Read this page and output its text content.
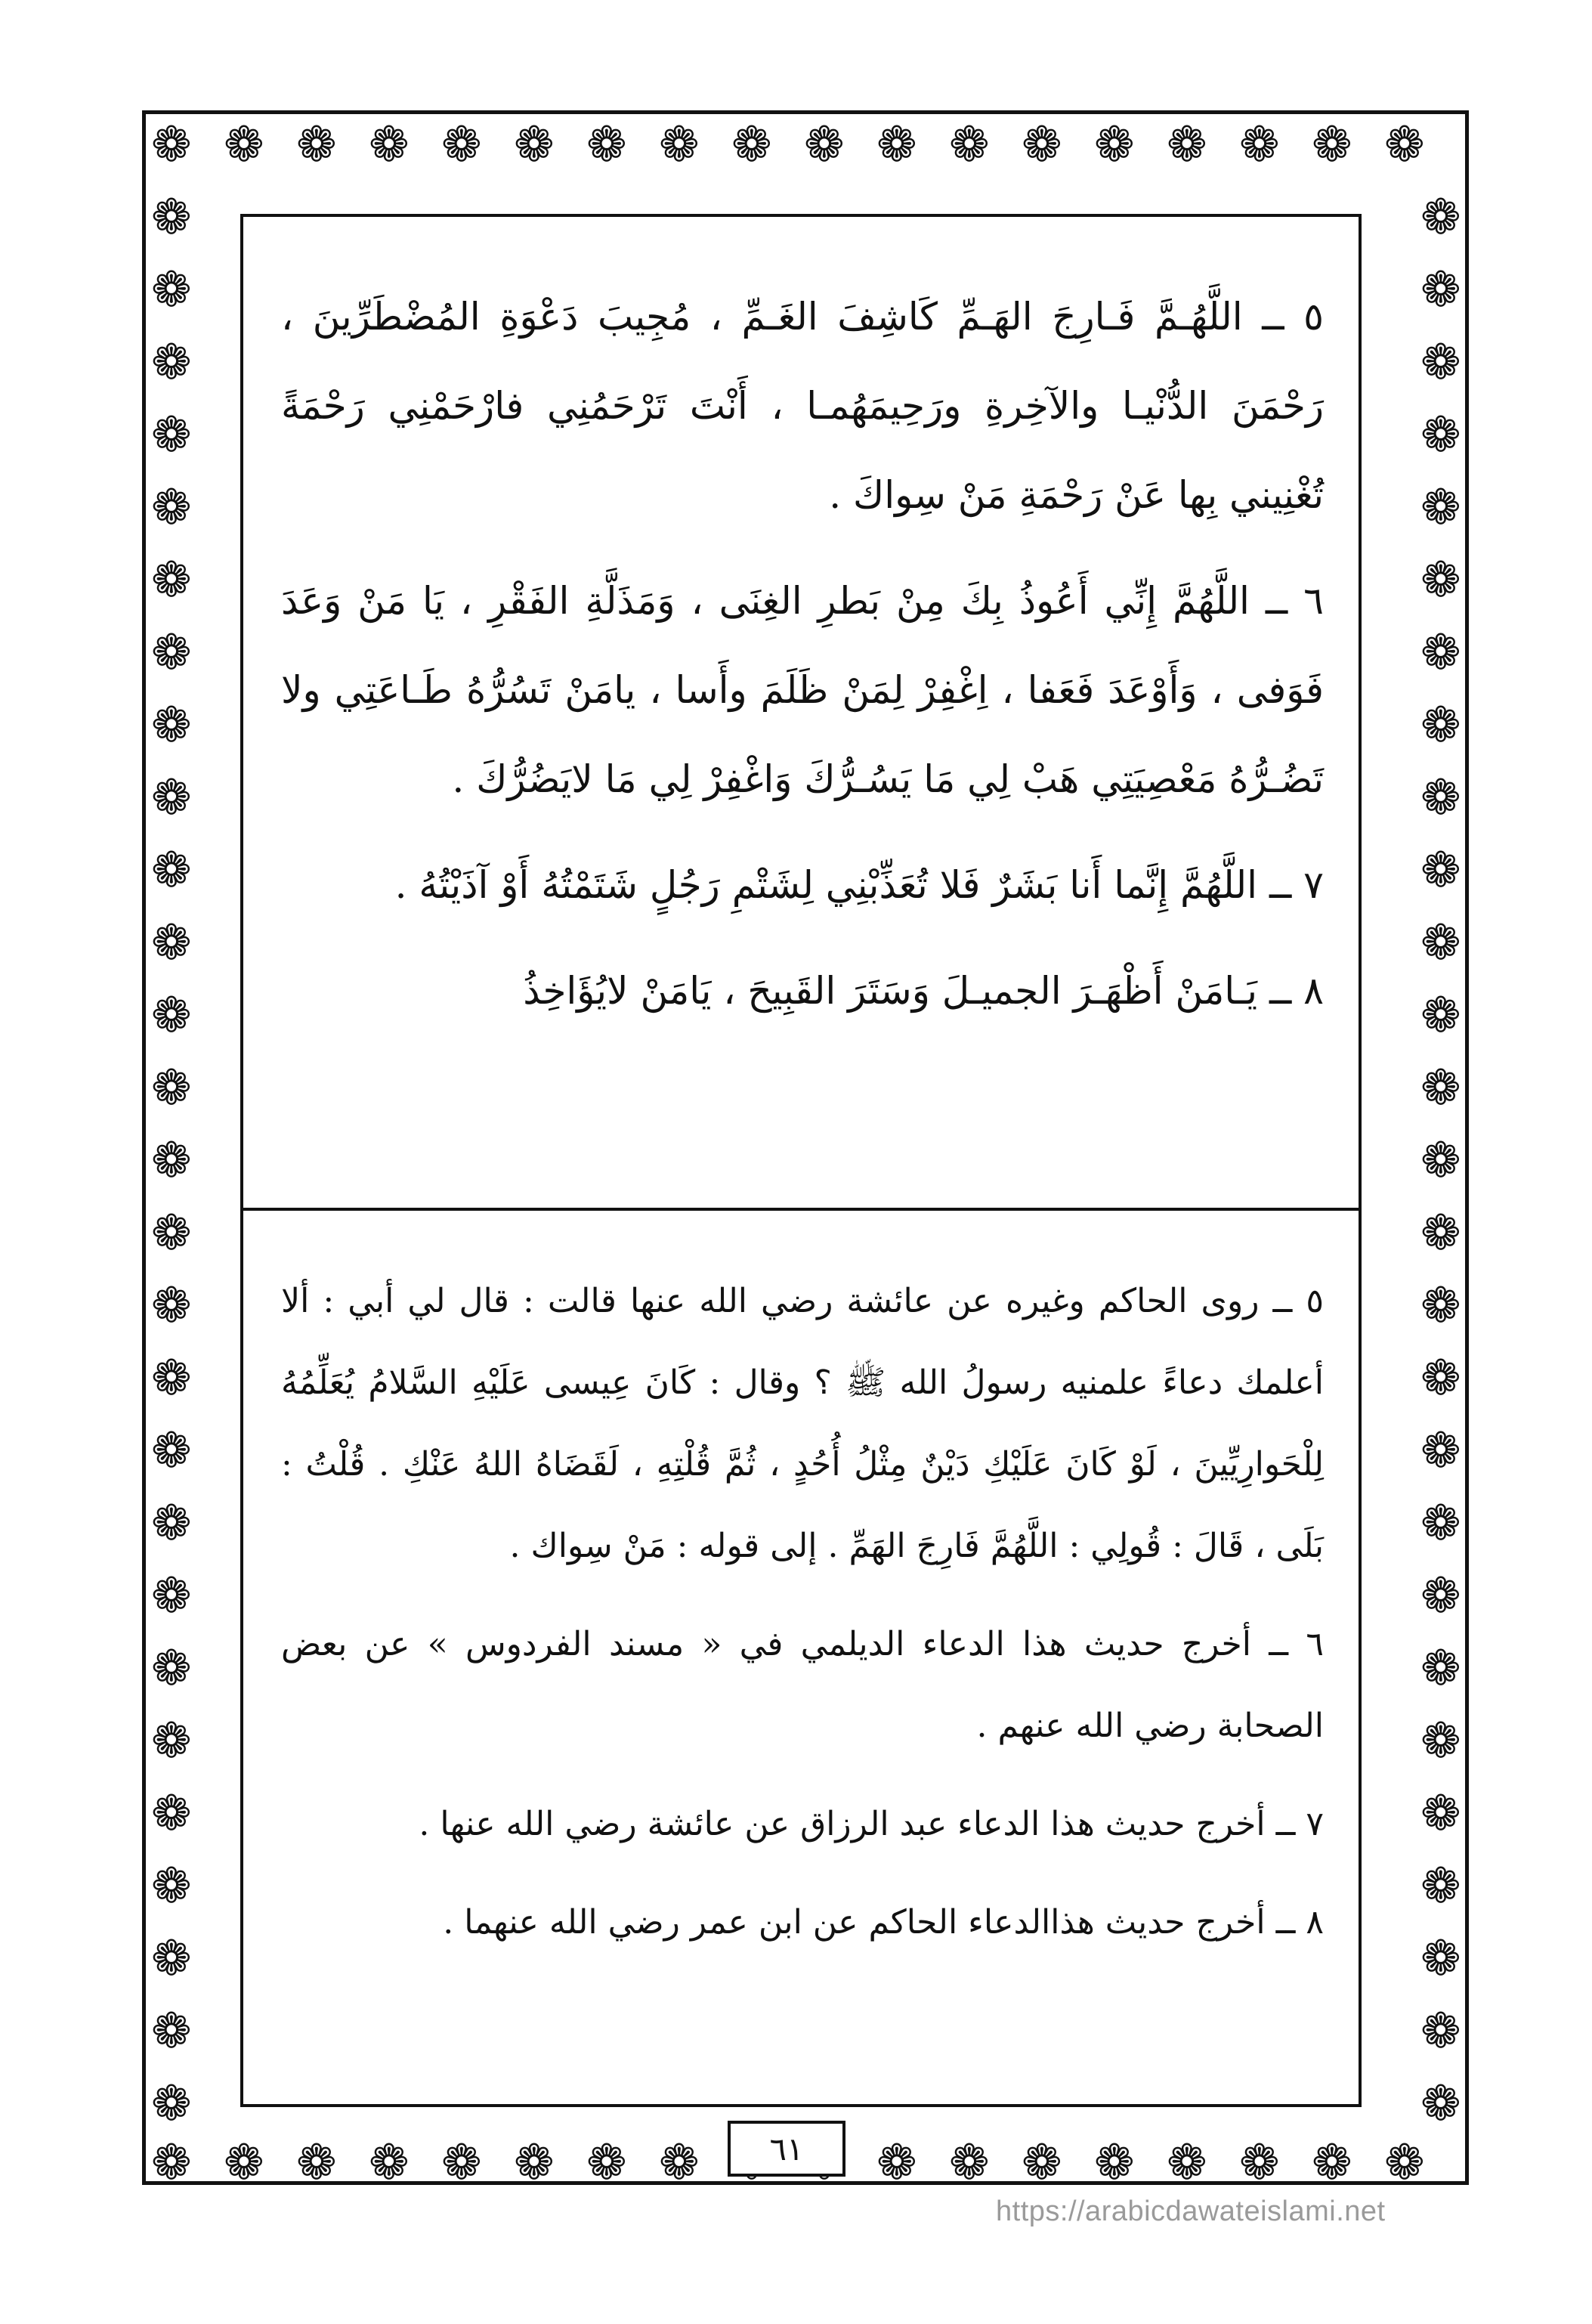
❁
❁
❁
❁
❁
❁
❁
❁
❁
❁
❁
❁
❁
❁
❁
❁
❁ ❁ ❁
❁
❁
❁
❁
❁
❁
❁
❁
❁
❁
❁
❁
❁
❁
❁
❁	❁
❁	❁
❁	❁
❁	❁
❁	❁
❁	❁
❁	❁
❁	❁
❁	❁
❁	❁
❁	❁
❁	❁
❁	❁
❁	❁
❁	❁
❁	❁
❁	❁
❁	❁
❁	❁
❁	❁
❁	❁
❁	❁
❁	❁
❁	❁
❁	❁
❁	❁
❁	❁

٥ ــ اللَّهُـمَّ فَـارِجَ الهَـمِّ كَاشِفَ الغَـمِّ ، مُجِيبَ دَعْوَةِ المُضْطَرِّينَ ، رَحْمَنَ الدُّنْيـا والآخِرةِ ورَحِيمَهُمـا ، أَنْتَ تَرْحَمُنِي فارْحَمْنِي رَحْمَةً تُغْنِيني بِها عَنْ رَحْمَةِ مَنْ سِواكَ .

٦ ــ اللَّهُمَّ إِنِّي أَعُوذُ بِكَ مِنْ بَطرِ الغِنَى ، وَمَذَلَّةِ الفَقْرِ ، يَا مَنْ وَعَدَ فَوَفى ، وَأَوْعَدَ فَعَفا ، اِغْفِرْ لِمَنْ ظَلَمَ وأَسا ، يامَنْ تَسُرُّهُ طَـاعَتِي ولا تَضُـرُّهُ مَعْصِيَتِي هَبْ لِي مَا يَسُـرُّكَ وَاغْفِرْ لِي مَا لايَضُرُّكَ .

٧ ــ اللَّهُمَّ إِنَّما أَنا بَشَرٌ فَلا تُعَذِّبْنِي لِشَتْمِ رَجُلٍ شَتَمْتُهُ أَوْ آذَيْتُهُ .

٨ ــ يَـامَنْ أَظْهَـرَ الجميـلَ وَسَتَرَ القَبِيحَ ، يَامَنْ لايُؤَاخِذُ

٥ ــ روى الحاكم وغيره عن عائشة رضي الله عنها قالت : قال لي أبي : ألا أعلمك دعاءً علمنيه رسولُ الله ﷺ ؟ وقال : كَانَ عِيسى عَلَيْهِ السَّلامُ يُعَلِّمُهُ لِلْحَوارِيِّينَ ، لَوْ كَانَ عَلَيْكِ دَيْنٌ مِثْلُ أُحُدٍ ، ثُمَّ قُلْتِهِ ، لَقَضَاهُ اللهُ عَنْكِ . قُلْتُ : بَلَى ، قَالَ : قُولِي : اللَّهُمَّ فَارِجَ الهَمِّ . إلى قوله : مَنْ سِواك .

٦ ــ أخرج حديث هذا الدعاء الديلمي في « مسند الفردوس » عن بعض الصحابة رضي الله عنهم .

٧ ــ أخرج حديث هذا الدعاء عبد الرزاق عن عائشة رضي الله عنها .

٨ ــ أخرج حديث هذاالدعاء الحاكم عن ابن عمر رضي الله عنهما .

٦١
https://arabicdawateislami.net
